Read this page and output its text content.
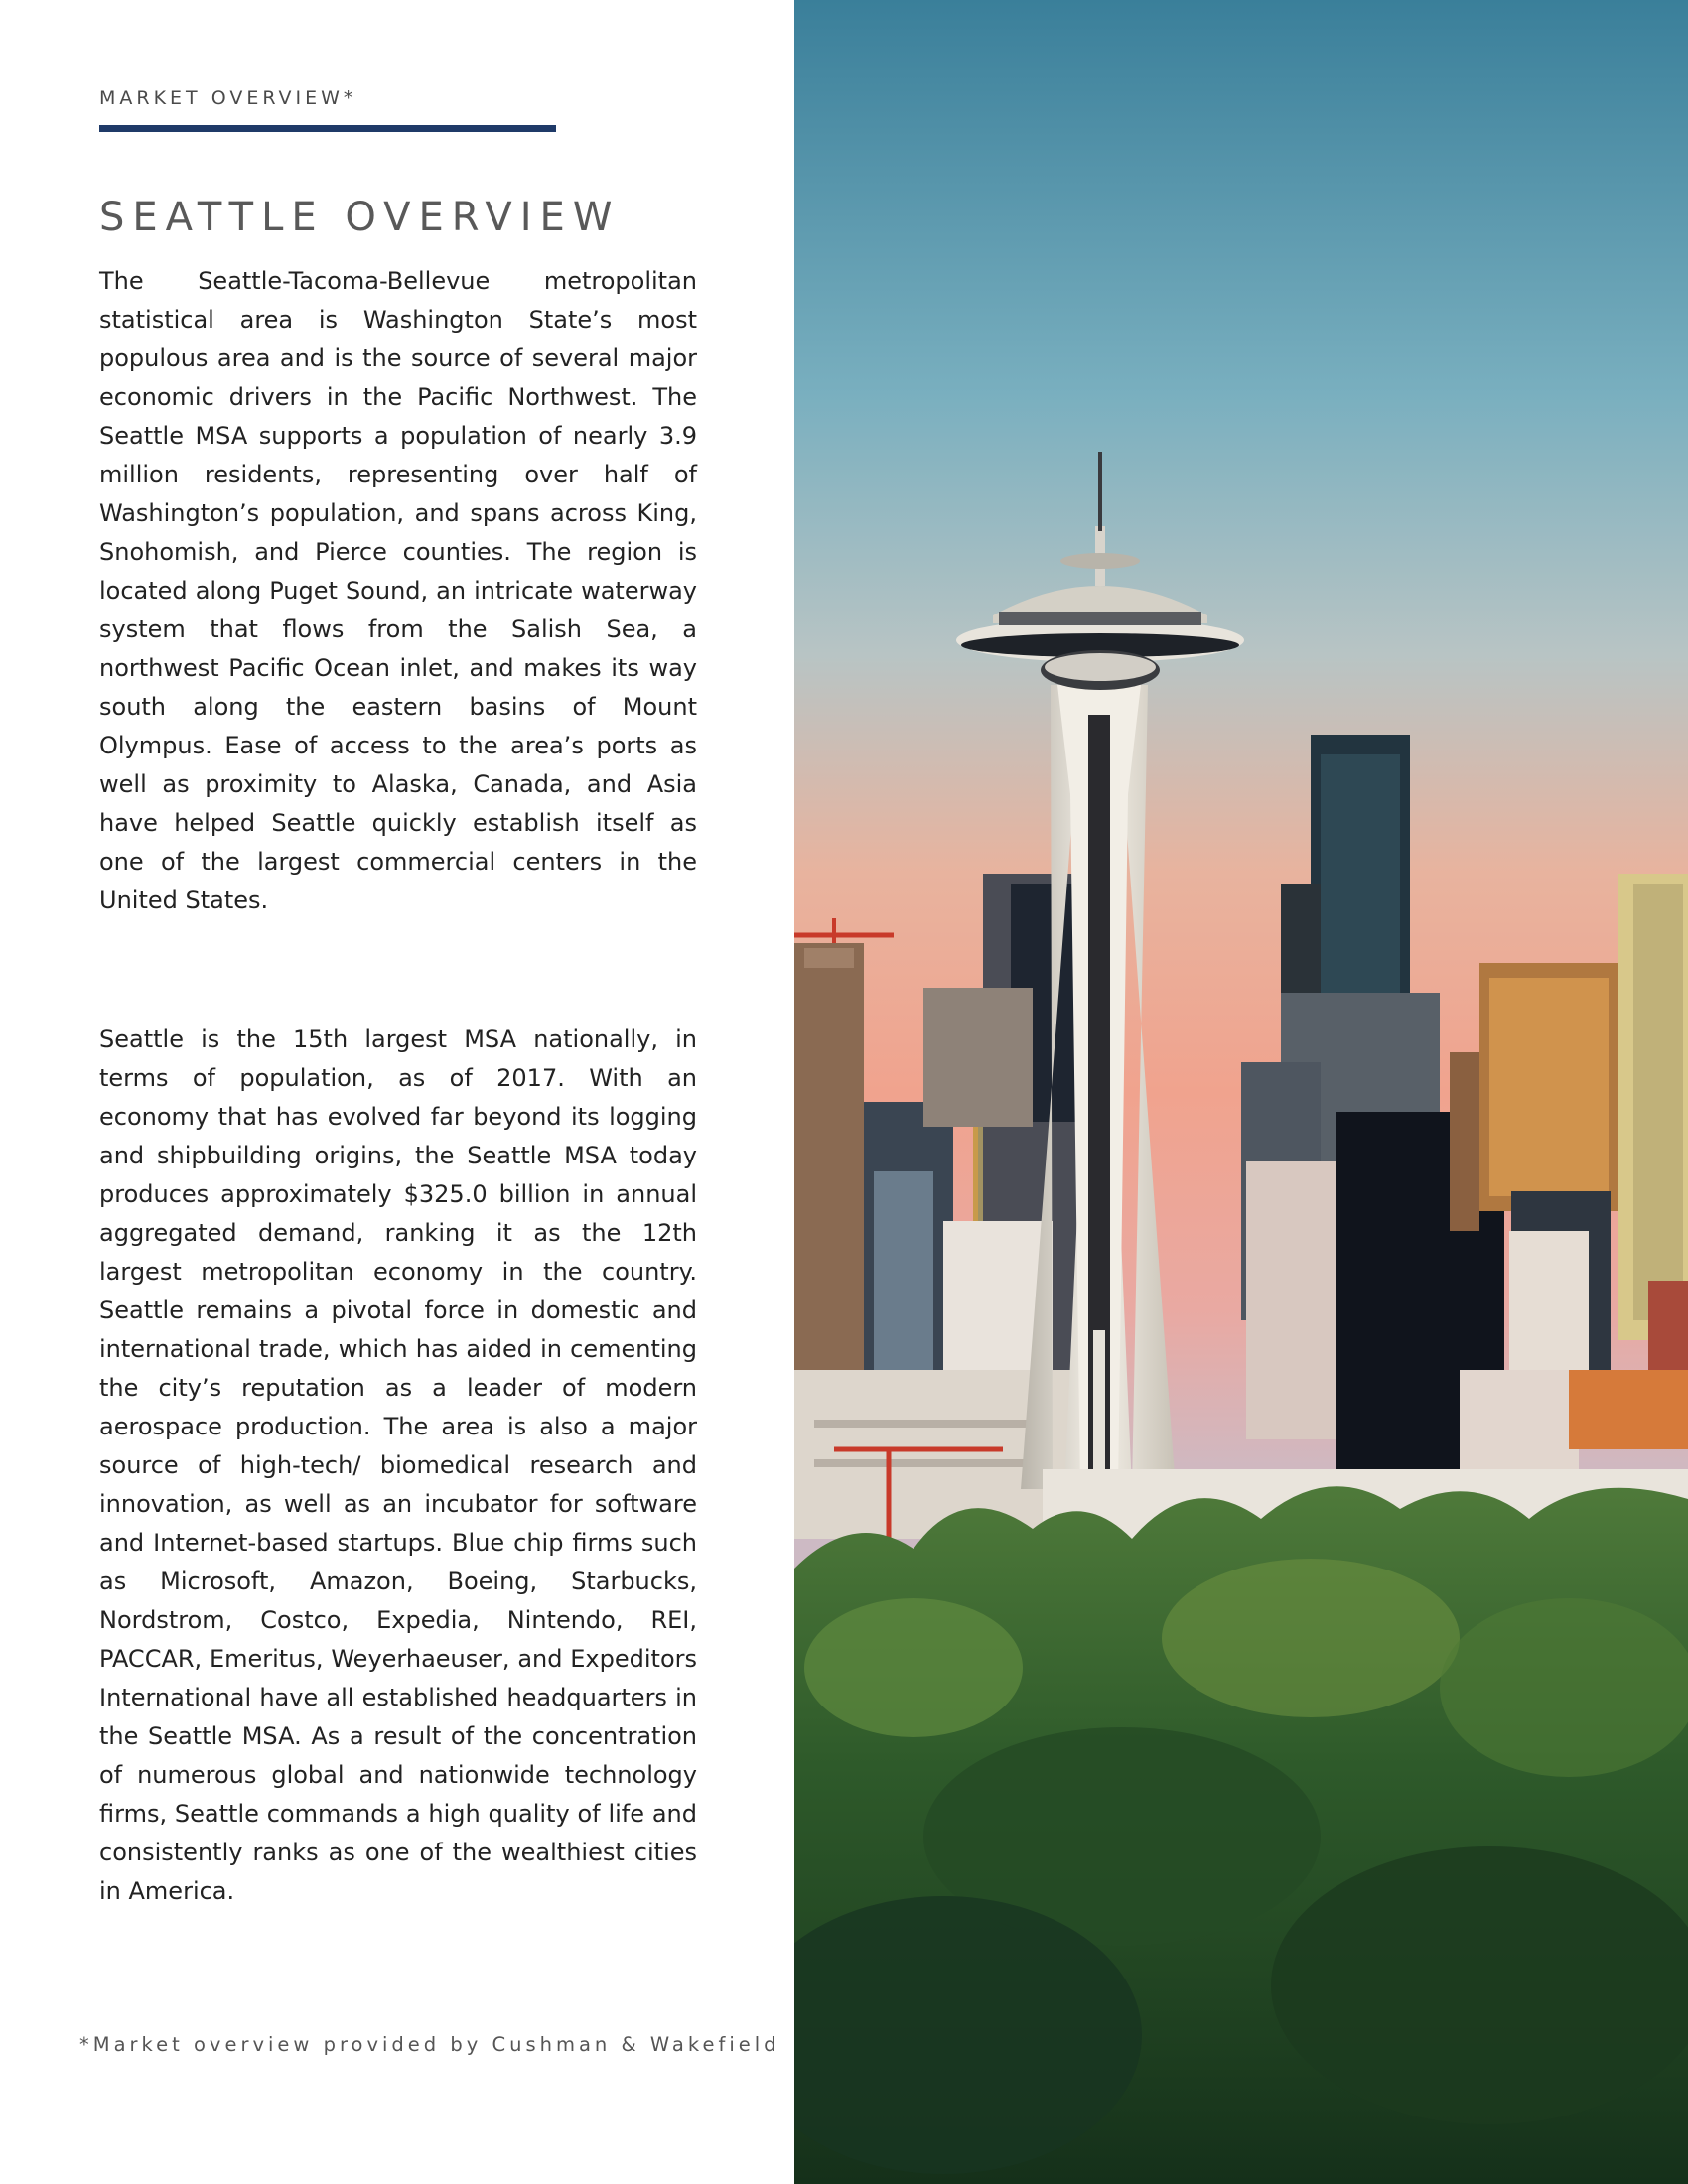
MARKET OVERVIEW*
SEATTLE OVERVIEW

The Seattle-Tacoma-Bellevue metropolitan statistical area is Washington State’s most populous area and is the source of several major economic drivers in the Pacific Northwest. The Seattle MSA supports a population of nearly 3.9 million residents, representing over half of Washington’s population, and spans across King, Snohomish, and Pierce counties. The region is located along Puget Sound, an intricate waterway system that flows from the Salish Sea, a northwest Pacific Ocean inlet, and makes its way south along the eastern basins of Mount Olympus. Ease of access to the area’s ports as well as proximity to Alaska, Canada, and Asia have helped Seattle quickly establish itself as one of the largest commercial centers in the United States.

Seattle is the 15th largest MSA nationally, in terms of population, as of 2017. With an economy that has evolved far beyond its logging and shipbuilding origins, the Seattle MSA today produces approximately $325.0 billion in annual aggregated demand, ranking it as the 12th largest metropolitan economy in the country. Seattle remains a pivotal force in domestic and international trade, which has aided in cementing the city’s reputation as a leader of modern aerospace production. The area is also a major source of high-tech/ biomedical research and innovation, as well as an incubator for software and Internet-based startups. Blue chip firms such as Microsoft, Amazon, Boeing, Starbucks, Nordstrom, Costco, Expedia, Nintendo, REI, PACCAR, Emeritus, Weyerhaeuser, and Expeditors International have all established headquarters in the Seattle MSA. As a result of the concentration of numerous global and nationwide technology firms, Seattle commands a high quality of life and consistently ranks as one of the wealthiest cities in America.

*Market overview provided by Cushman & Wakefield
